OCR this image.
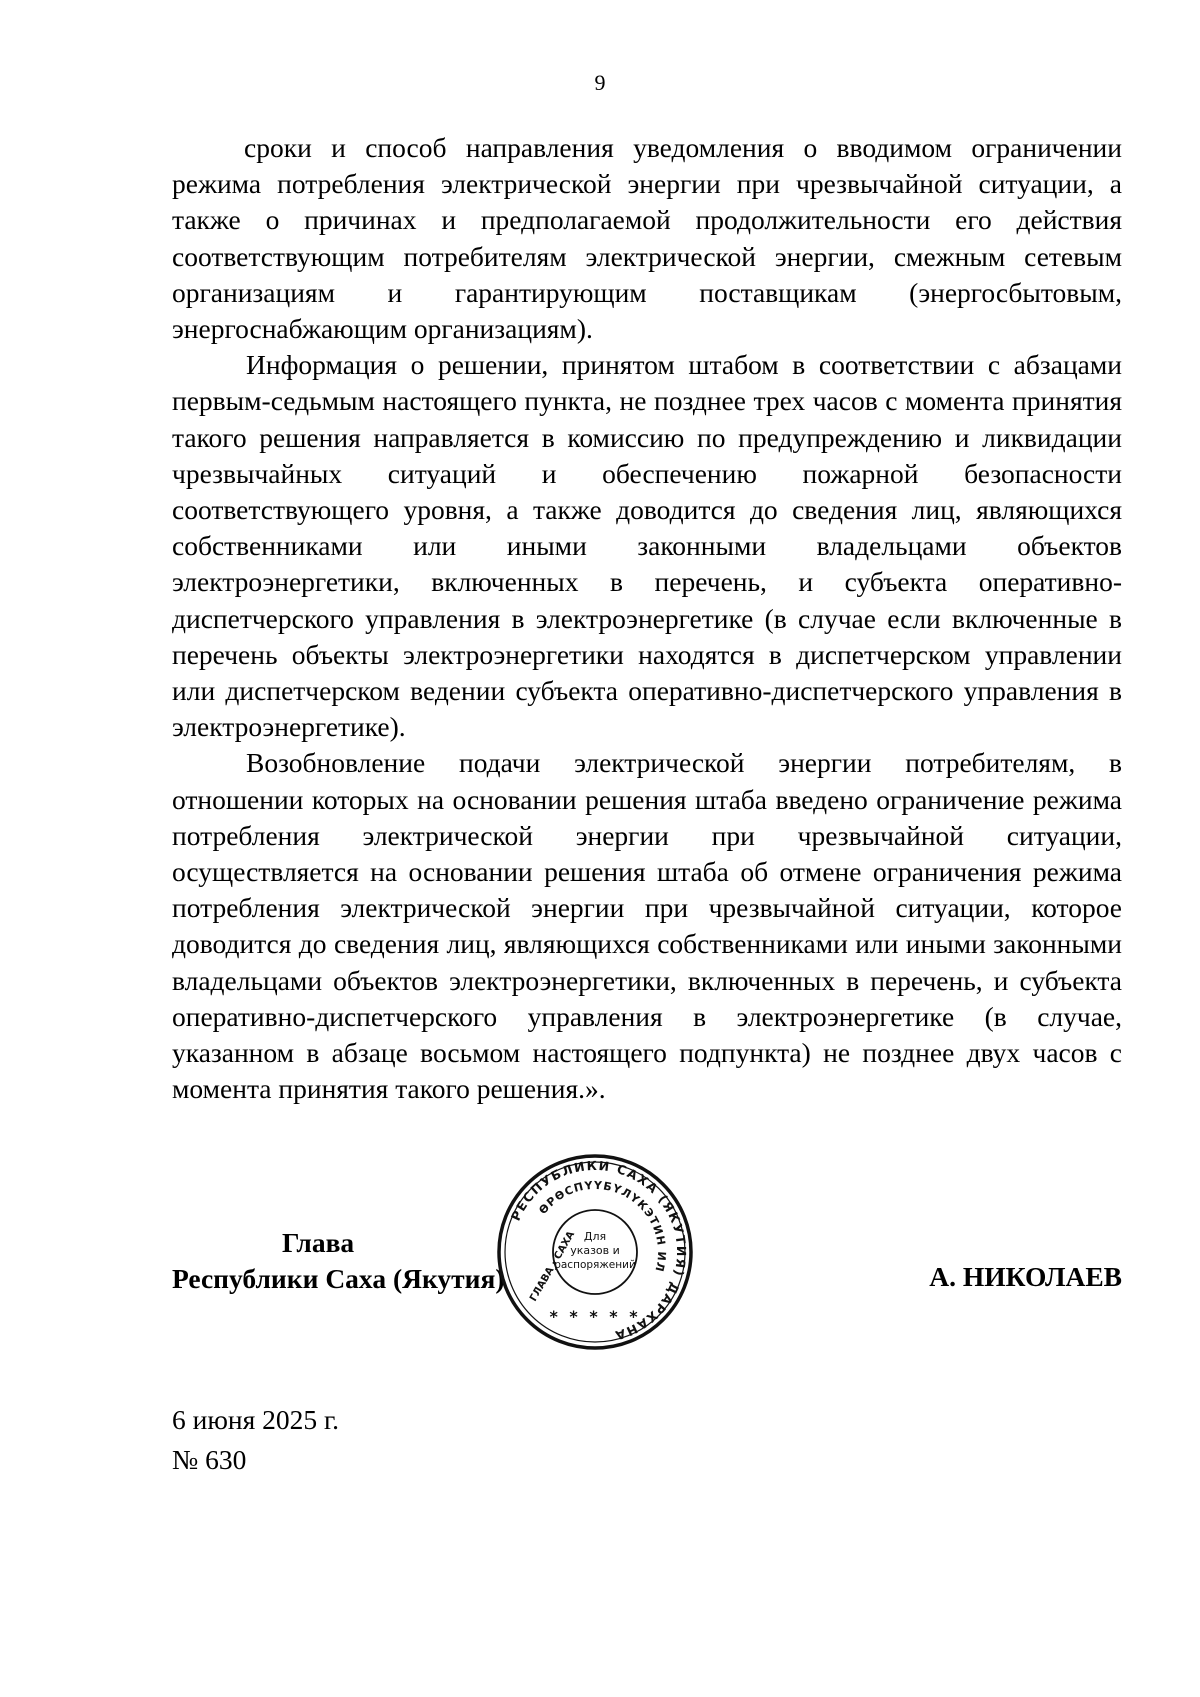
9

сроки и способ направления уведомления о вводимом ограничении режима потребления электрической энергии при чрезвычайной ситуации, а также о причинах и предполагаемой продолжительности его действия соответствующим потребителям электрической энергии, смежным сетевым организациям и гарантирующим поставщикам (энергосбытовым, энергоснабжающим организациям).

Информация о решении, принятом штабом в соответствии с абзацами первым-седьмым настоящего пункта, не позднее трех часов с момента принятия такого решения направляется в комиссию по предупреждению и ликвидации чрезвычайных ситуаций и обеспечению пожарной безопасности соответствующего уровня, а также доводится до сведения лиц, являющихся собственниками или иными законными владельцами объектов электроэнергетики, включенных в перечень, и субъекта оперативно-диспетчерского управления в электроэнергетике (в случае если включенные в перечень объекты электроэнергетики находятся в диспетчерском управлении или диспетчерском ведении субъекта оперативно-диспетчерского управления в электроэнергетике).

Возобновление подачи электрической энергии потребителям, в отношении которых на основании решения штаба введено ограничение режима потребления электрической энергии при чрезвычайной ситуации, осуществляется на основании решения штаба об отмене ограничения режима потребления электрической энергии при чрезвычайной ситуации, которое доводится до сведения лиц, являющихся собственниками или иными законными владельцами объектов электроэнергетики, включенных в перечень, и субъекта оперативно-диспетчерского управления в электроэнергетике (в случае, указанном в абзаце восьмом настоящего подпункта) не позднее двух часов с момента принятия такого решения.».

Глава
Республики Саха (Якутия)
РЕСПУБЛИКИ САХА (ЯКУТИЯ) ДАРХАНА
ӨРӨСПҮҮБҮЛҮКЭТИН ИЛ
ГЛАВА · САХА Для
указов и
распоряжений
* * * * *
А. НИКОЛАЕВ
6 июня 2025 г.
№ 630
